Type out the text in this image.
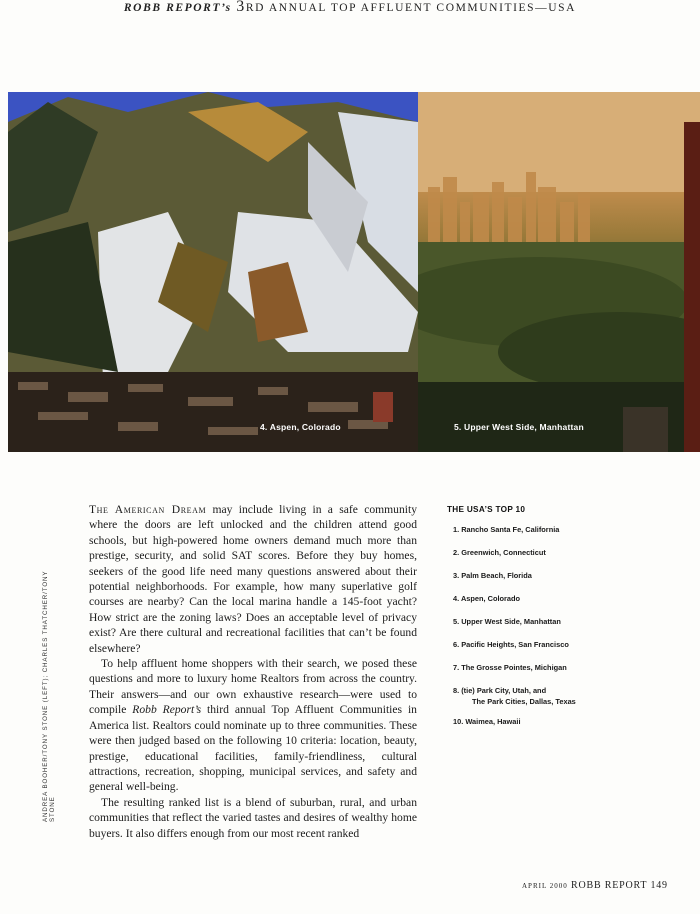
ROBB REPORT’s 3RD ANNUAL TOP AFFLUENT COMMUNITIES—USA
4. Aspen, Colorado	5. Upper West Side, Manhattan
ANDREA BOOHER/TONY STONE (LEFT); CHARLES THATCHER/TONY STONE

The American Dream may include living in a safe community where the doors are left unlocked and the children attend good schools, but high-powered home owners demand much more than prestige, security, and solid SAT scores. Before they buy homes, seekers of the good life need many questions answered about their potential neighborhoods. For example, how many superlative golf courses are nearby? Can the local marina handle a 145-foot yacht? How strict are the zoning laws? Does an acceptable level of privacy exist? Are there cultural and recreational facilities that can’t be found elsewhere?

To help affluent home shoppers with their search, we posed these questions and more to luxury home Realtors from across the country. Their answers—and our own exhaustive research—were used to compile Robb Report’s third annual Top Affluent Communities in America list. Realtors could nominate up to three communities. These were then judged based on the following 10 criteria: location, beauty, prestige, educational facilities, family-friendliness, cultural attractions, recreation, shopping, municipal services, and safety and general well-being.

The resulting ranked list is a blend of suburban, rural, and urban communities that reflect the varied tastes and desires of wealthy home buyers. It also differs enough from our most recent ranked

THE USA’S TOP 10
1. Rancho Santa Fe, California
2. Greenwich, Connecticut
3. Palm Beach, Florida
4. Aspen, Colorado
5. Upper West Side, Manhattan
6. Pacific Heights, San Francisco
7. The Grosse Pointes, Michigan
8. (tie) Park City, Utah, and
The Park Cities, Dallas, Texas
10. Waimea, Hawaii
APRIL 2000 ROBB REPORT 149
